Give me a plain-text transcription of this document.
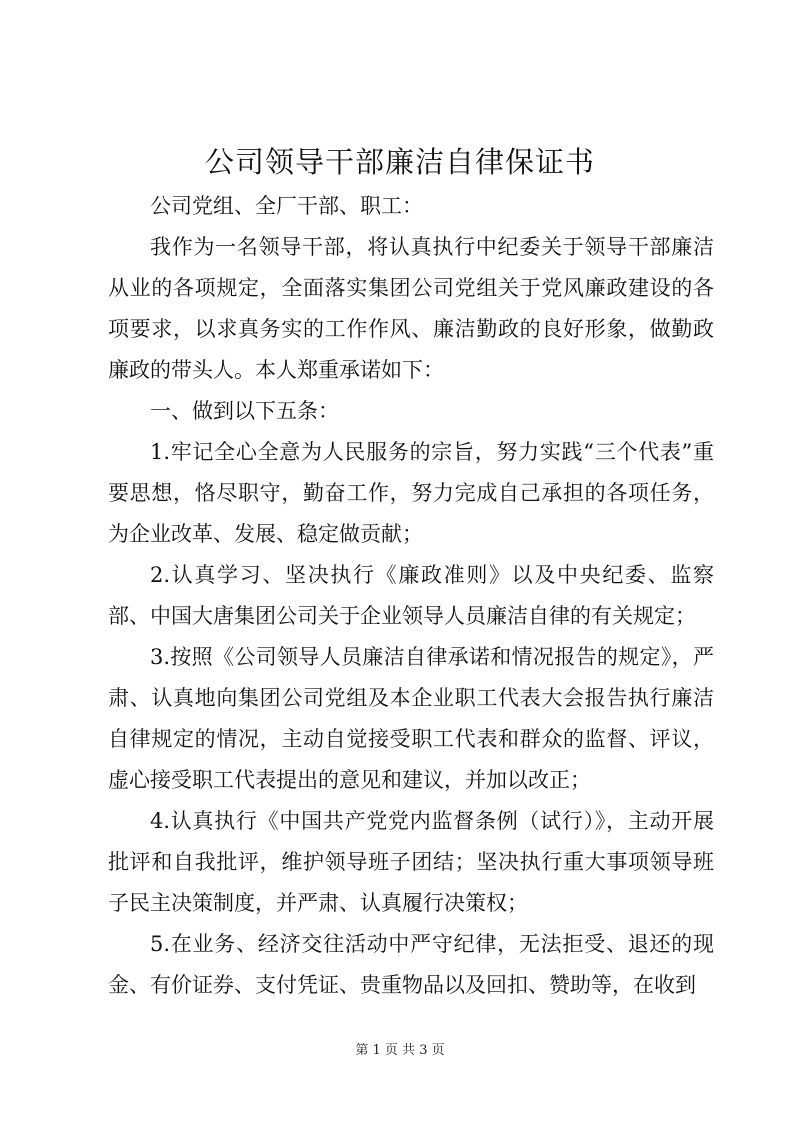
公司领导干部廉洁自律保证书

公司党组、全厂干部、职工：

我作为一名领导干部，将认真执行中纪委关于领导干部廉洁从业的各项规定，全面落实集团公司党组关于党风廉政建设的各项要求，以求真务实的工作作风、廉洁勤政的良好形象，做勤政廉政的带头人。本人郑重承诺如下：

一、做到以下五条：

1.牢记全心全意为人民服务的宗旨，努力实践“三个代表”重要思想，恪尽职守，勤奋工作，努力完成自己承担的各项任务，为企业改革、发展、稳定做贡献；

2.认真学习、坚决执行《廉政准则》以及中央纪委、监察部、中国大唐集团公司关于企业领导人员廉洁自律的有关规定；

3.按照《公司领导人员廉洁自律承诺和情况报告的规定》，严肃、认真地向集团公司党组及本企业职工代表大会报告执行廉洁自律规定的情况，主动自觉接受职工代表和群众的监督、评议，虚心接受职工代表提出的意见和建议，并加以改正；

4.认真执行《中国共产党党内监督条例（试行）》，主动开展批评和自我批评，维护领导班子团结；坚决执行重大事项领导班子民主决策制度，并严肃、认真履行决策权；

5.在业务、经济交往活动中严守纪律，无法拒受、退还的现金、有价证券、支付凭证、贵重物品以及回扣、赞助等，在收到

第 1 页 共 3 页
